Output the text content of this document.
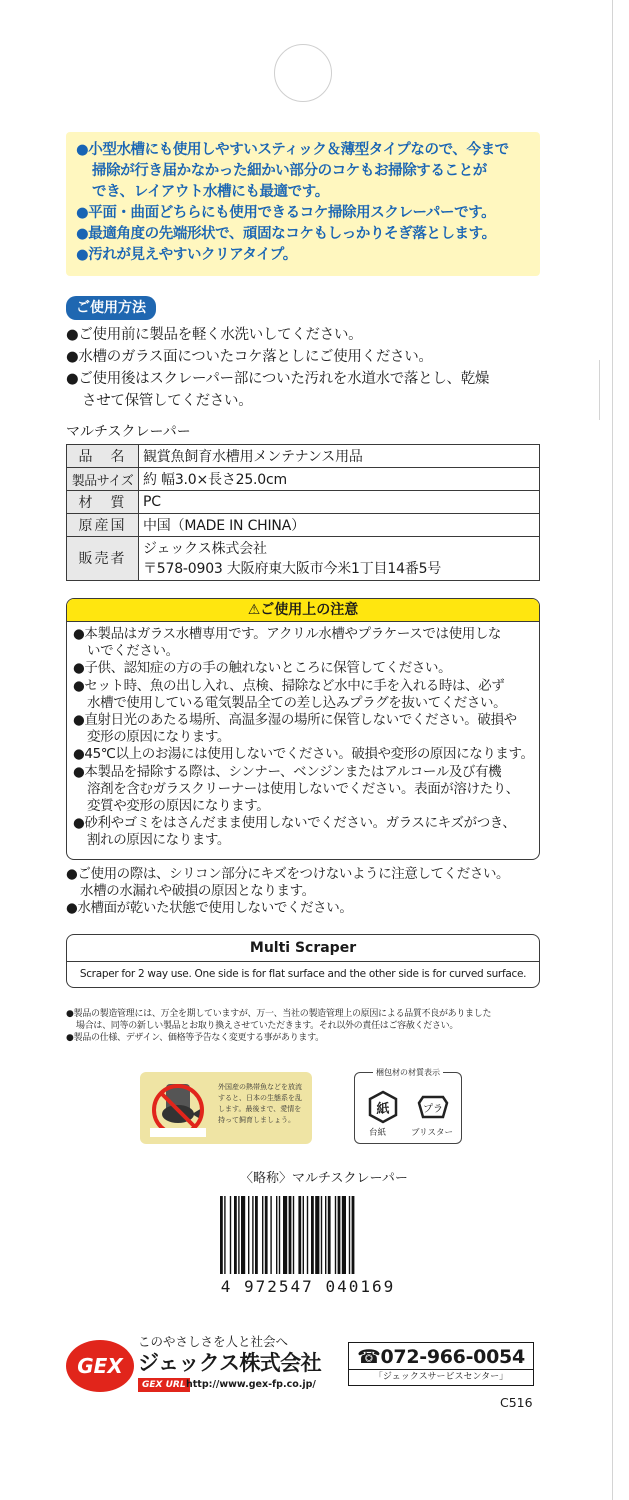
●小型水槽にも使用しやすいスティック＆薄型タイプなので、今まで

掃除が行き届かなかった細かい部分のコケもお掃除することが

でき、レイアウト水槽にも最適です。

●平面・曲面どちらにも使用できるコケ掃除用スクレーパーです。

●最適角度の先端形状で、頑固なコケもしっかりそぎ落とします。

●汚れが見えやすいクリアタイプ。

ご使用方法

●ご使用前に製品を軽く水洗いしてください。

●水槽のガラス面についたコケ落としにご使用ください。

●ご使用後はスクレーパー部についた汚れを水道水で落とし、乾燥

させて保管してください。

マルチスクレーパー
品　名	観賞魚飼育水槽用メンテナンス用品
製品サイズ	約 幅3.0×長さ25.0cm
材　質	PC
原産国	中国（MADE IN CHINA）
販売者	ジェックス株式会社
〒578-0903 大阪府東大阪市今米1丁目14番5号
⚠ご使用上の注意

●本製品はガラス水槽専用です。アクリル水槽やプラケースでは使用しな

いでください。

●子供、認知症の方の手の触れないところに保管してください。

●セット時、魚の出し入れ、点検、掃除など水中に手を入れる時は、必ず

水槽で使用している電気製品全ての差し込みプラグを抜いてください。

●直射日光のあたる場所、高温多湿の場所に保管しないでください。破損や

変形の原因になります。

●45℃以上のお湯には使用しないでください。破損や変形の原因になります。

●本製品を掃除する際は、シンナー、ベンジンまたはアルコール及び有機

溶剤を含むガラスクリーナーは使用しないでください。表面が溶けたり、

変質や変形の原因になります。

●砂利やゴミをはさんだまま使用しないでください。ガラスにキズがつき、

割れの原因になります。

●ご使用の際は、シリコン部分にキズをつけないように注意してください。

水槽の水漏れや破損の原因となります。

●水槽面が乾いた状態で使用しないでください。

Multi Scraper
Scraper for 2 way use. One side is for flat surface and the other side is for curved surface.

●製品の製造管理には、万全を期していますが、万一、当社の製造管理上の原因による品質不良がありました

場合は、同等の新しい製品とお取り換えさせていただきます。それ以外の責任はご容赦ください。

●製品の仕様、デザイン、価格等予告なく変更する事があります。

外国産の熱帯魚などを放流すると、日本の生態系を乱します。最後まで、愛情を持って飼育しましょう。
梱包材の材質表示
紙	プラ
台紙	ブリスター
〈略称〉マルチスクレーパー
4 972547 040169
GEX
このやさしさを人と社会へ
ジェックス株式会社
GEX URL http://www.gex-fp.co.jp/
☎072-966-0054
「ジェックスサービスセンター」
C516
